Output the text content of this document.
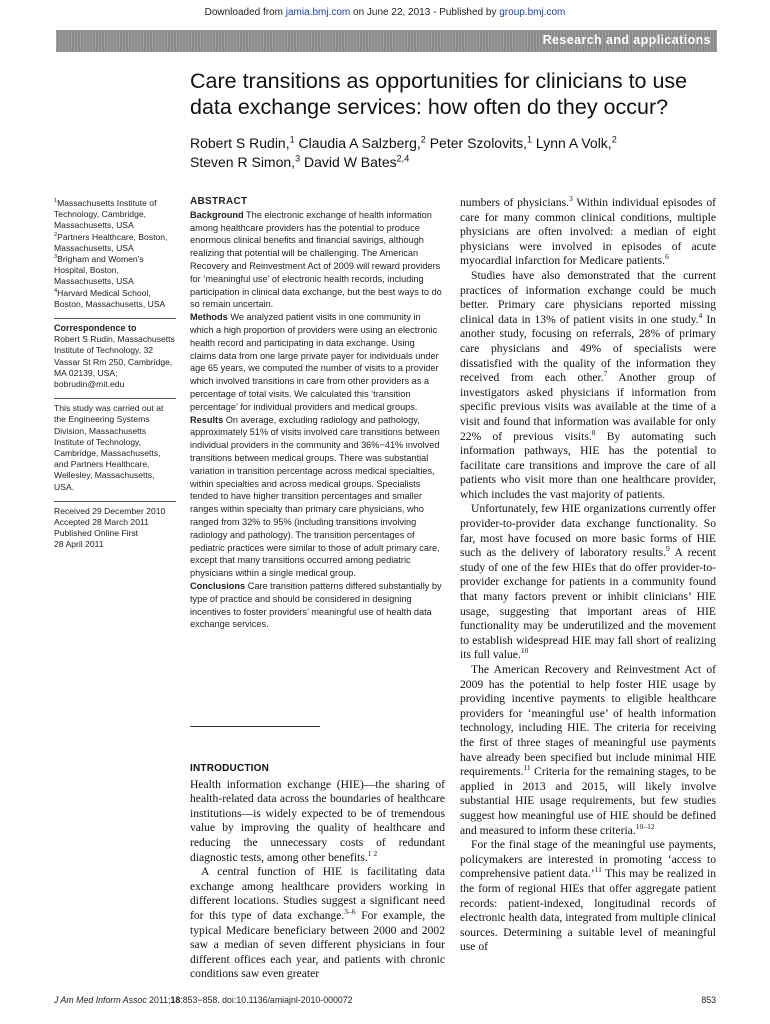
Downloaded from jamia.bmj.com on June 22, 2013 - Published by group.bmj.com
Research and applications
Care transitions as opportunities for clinicians to use data exchange services: how often do they occur?
Robert S Rudin,$^1$ Claudia A Salzberg,$^2$ Peter Szolovits,$^1$ Lynn A Volk,$^2$
Steven R Simon,$^3$ David W Bates$^{2,4}$

$^1$Massachusetts Institute of Technology, Cambridge, Massachusetts, USA

$^2$Partners Healthcare, Boston, Massachusetts, USA

$^3$Brigham and Women's Hospital, Boston, Massachusetts, USA

$^4$Harvard Medical School, Boston, Massachusetts, USA

Correspondence to

Robert S Rudin, Massachusetts Institute of Technology, 32 Vassar St Rm 250, Cambridge, MA 02139, USA; bobrudin@mit.edu

This study was carried out at the Engineering Systems Division, Massachusetts Institute of Technology, Cambridge, Massachusetts, and Partners Healthcare, Wellesley, Massachusetts, USA.

Received 29 December 2010

Accepted 28 March 2011

Published Online First

28 April 2011

ABSTRACT

Background The electronic exchange of health information among healthcare providers has the potential to produce enormous clinical benefits and financial savings, although realizing that potential will be challenging. The American Recovery and Reinvestment Act of 2009 will reward providers for ‘meaningful use’ of electronic health records, including participation in clinical data exchange, but the best ways to do so remain uncertain.

Methods We analyzed patient visits in one community in which a high proportion of providers were using an electronic health record and participating in data exchange. Using claims data from one large private payer for individuals under age 65 years, we computed the number of visits to a provider which involved transitions in care from other providers as a percentage of total visits. We calculated this ‘transition percentage’ for individual providers and medical groups.

Results On average, excluding radiology and pathology, approximately 51% of visits involved care transitions between individual providers in the community and 36%−41% involved transitions between medical groups. There was substantial variation in transition percentage across medical specialties, within specialties and across medical groups. Specialists tended to have higher transition percentages and smaller ranges within specialty than primary care physicians, who ranged from 32% to 95% (including transitions involving radiology and pathology). The transition percentages of pediatric practices were similar to those of adult primary care, except that many transitions occurred among pediatric physicians within a single medical group.

Conclusions Care transition patterns differed substantially by type of practice and should be considered in designing incentives to foster providers’ meaningful use of health data exchange services.

INTRODUCTION

Health information exchange (HIE)—the sharing of health-related data across the boundaries of healthcare institutions—is widely expected to be of tremendous value by improving the quality of healthcare and reducing the unnecessary costs of redundant diagnostic tests, among other benefits.$^{1 2}$

A central function of HIE is facilitating data exchange among healthcare providers working in different locations. Studies suggest a significant need for this type of data exchange.$^{3-6}$ For example, the typical Medicare beneficiary between 2000 and 2002 saw a median of seven different physicians in four different offices each year, and patients with chronic conditions saw even greater

numbers of physicians.$^3$ Within individual episodes of care for many common clinical conditions, multiple physicians are often involved: a median of eight physicians were involved in episodes of acute myocardial infarction for Medicare patients.$^6$

Studies have also demonstrated that the current practices of information exchange could be much better. Primary care physicians reported missing clinical data in 13% of patient visits in one study.$^4$ In another study, focusing on referrals, 28% of primary care physicians and 49% of specialists were dissatisfied with the quality of the information they received from each other.$^7$ Another group of investigators asked physicians if information from specific previous visits was available at the time of a visit and found that information was available for only 22% of previous visits.$^8$ By automating such information pathways, HIE has the potential to facilitate care transitions and improve the care of all patients who visit more than one healthcare provider, which includes the vast majority of patients.

Unfortunately, few HIE organizations currently offer provider-to-provider data exchange functionality. So far, most have focused on more basic forms of HIE such as the delivery of laboratory results.$^9$ A recent study of one of the few HIEs that do offer provider-to-provider exchange for patients in a community found that many factors prevent or inhibit clinicians’ HIE usage, suggesting that important areas of HIE functionality may be underutilized and the movement to establish widespread HIE may fall short of realizing its full value.$^{10}$

The American Recovery and Reinvestment Act of 2009 has the potential to help foster HIE usage by providing incentive payments to eligible healthcare providers for ‘meaningful use’ of health information technology, including HIE. The criteria for receiving the first of three stages of meaningful use payments have already been specified but include minimal HIE requirements.$^{11}$ Criteria for the remaining stages, to be applied in 2013 and 2015, will likely involve substantial HIE usage requirements, but few studies suggest how meaningful use of HIE should be defined and measured to inform these criteria.$^{10-12}$

For the final stage of the meaningful use payments, policymakers are interested in promoting ‘access to comprehensive patient data.’$^{11}$ This may be realized in the form of regional HIEs that offer aggregate patient records: patient-indexed, longitudinal records of electronic health data, integrated from multiple clinical sources. Determining a suitable level of meaningful use of

J Am Med Inform Assoc 2011;18:853−858. doi:10.1136/amiajnl-2010-000072	853
